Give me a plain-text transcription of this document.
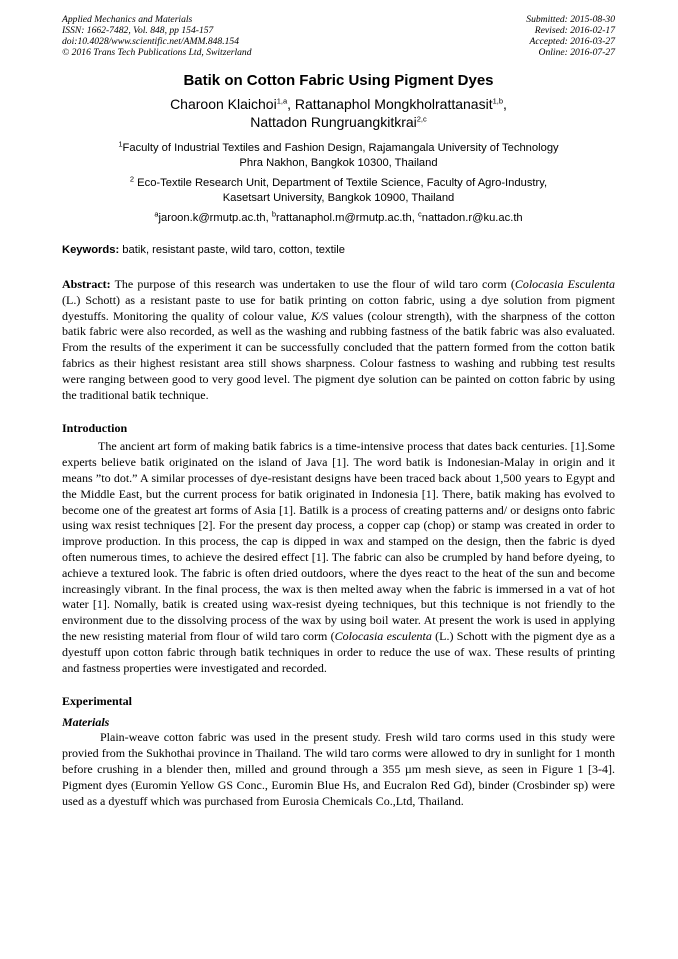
Applied Mechanics and Materials
ISSN: 1662-7482, Vol. 848, pp 154-157
doi:10.4028/www.scientific.net/AMM.848.154
© 2016 Trans Tech Publications Ltd, Switzerland
Submitted: 2015-08-30
Revised: 2016-02-17
Accepted: 2016-03-27
Online: 2016-07-27
Batik on Cotton Fabric Using Pigment Dyes
Charoon Klaichoi$^{1,a}$, Rattanaphol Mongkholrattanasit$^{1,b}$,
Nattadon Rungruangkitkrai$^{2,c}$
$^1$Faculty of Industrial Textiles and Fashion Design, Rajamangala University of Technology
Phra Nakhon, Bangkok 10300, Thailand
$^2$ Eco-Textile Research Unit, Department of Textile Science, Faculty of Agro-Industry,
Kasetsart University, Bangkok 10900, Thailand
$^a$jaroon.k@rmutp.ac.th, $^b$rattanaphol.m@rmutp.ac.th, $^c$nattadon.r@ku.ac.th
Keywords: batik, resistant paste, wild taro, cotton, textile

Abstract: The purpose of this research was undertaken to use the flour of wild taro corm (Colocasia Esculenta (L.) Schott) as a resistant paste to use for batik printing on cotton fabric, using a dye solution from pigment dyestuffs. Monitoring the quality of colour value, K/S values (colour strength), with the sharpness of the cotton batik fabric were also recorded, as well as the washing and rubbing fastness of the batik fabric was also evaluated. From the results of the experiment it can be successfully concluded that the pattern formed from the cotton batik fabrics as their highest resistant area still shows sharpness. Colour fastness to washing and rubbing test results were ranging between good to very good level. The pigment dye solution can be painted on cotton fabric by using the traditional batik technique.

Introduction

The ancient art form of making batik fabrics is a time-intensive process that dates back centuries. [1].Some experts believe batik originated on the island of Java [1]. The word batik is Indonesian-Malay in origin and it means ”to dot.” A similar processes of dye-resistant designs have been traced back about 1,500 years to Egypt and the Middle East, but the current process for batik originated in Indonesia [1]. There, batik making has evolved to become one of the greatest art forms of Asia [1]. Batilk is a process of creating patterns and/ or designs onto fabric using wax resist techniques [2]. For the present day process, a copper cap (chop) or stamp was created in order to improve production. In this process, the cap is dipped in wax and stamped on the design, then the fabric is dyed often numerous times, to achieve the desired effect [1]. The fabric can also be crumpled by hand before dyeing, to achieve a textured look. The fabric is often dried outdoors, where the dyes react to the heat of the sun and become increasingly vibrant. In the final process, the wax is then melted away when the fabric is immersed in a vat of hot water [1]. Nomally, batik is created using wax-resist dyeing techniques, but this technique is not friendly to the environment due to the dissolving process of the wax by using boil water. At present the work is used in applying the new resisting material from flour of wild taro corm (Colocasia esculenta (L.) Schott with the pigment dye as a dyestuff upon cotton fabric through batik techniques in order to reduce the use of wax. These results of printing and fastness properties were investigated and recorded.

Experimental
Materials

Plain-weave cotton fabric was used in the present study. Fresh wild taro corms used in this study were provied from the Sukhothai province in Thailand. The wild taro corms were allowed to dry in sunlight for 1 month before crushing in a blender then, milled and ground through a 355 µm mesh sieve, as seen in Figure 1 [3-4]. Pigment dyes (Euromin Yellow GS Conc., Euromin Blue Hs, and Eucralon Red Gd), binder (Crosbinder sp) were used as a dyestuff which was purchased from Eurosia Chemicals Co.,Ltd, Thailand.
